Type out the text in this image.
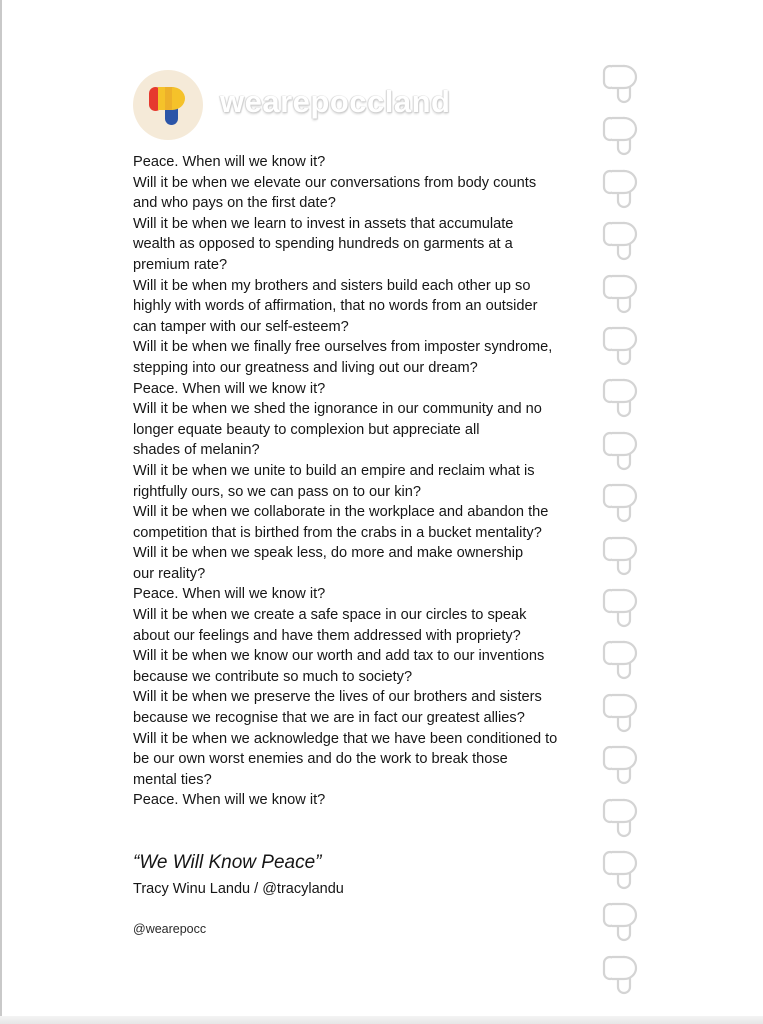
wearepoccland
Peace. When will we know it?
Will it be when we elevate our conversations from body counts
and who pays on the first date?
Will it be when we learn to invest in assets that accumulate
wealth as opposed to spending hundreds on garments at a
premium rate?
Will it be when my brothers and sisters build each other up so
highly with words of affirmation, that no words from an outsider
can tamper with our self-esteem?
Will it be when we finally free ourselves from imposter syndrome,
stepping into our greatness and living out our dream?
Peace. When will we know it?
Will it be when we shed the ignorance in our community and no
longer equate beauty to complexion but appreciate all
shades of melanin?
Will it be when we unite to build an empire and reclaim what is
rightfully ours, so we can pass on to our kin?
Will it be when we collaborate in the workplace and abandon the
competition that is birthed from the crabs in a bucket mentality?
Will it be when we speak less, do more and make ownership
our reality?
Peace. When will we know it?
Will it be when we create a safe space in our circles to speak
about our feelings and have them addressed with propriety?
Will it be when we know our worth and add tax to our inventions
because we contribute so much to society?
Will it be when we preserve the lives of our brothers and sisters
because we recognise that we are in fact our greatest allies?
Will it be when we acknowledge that we have been conditioned to
be our own worst enemies and do the work to break those
mental ties?
Peace. When will we know it?
“We Will Know Peace”
Tracy Winu Landu / @tracylandu
@wearepocc
